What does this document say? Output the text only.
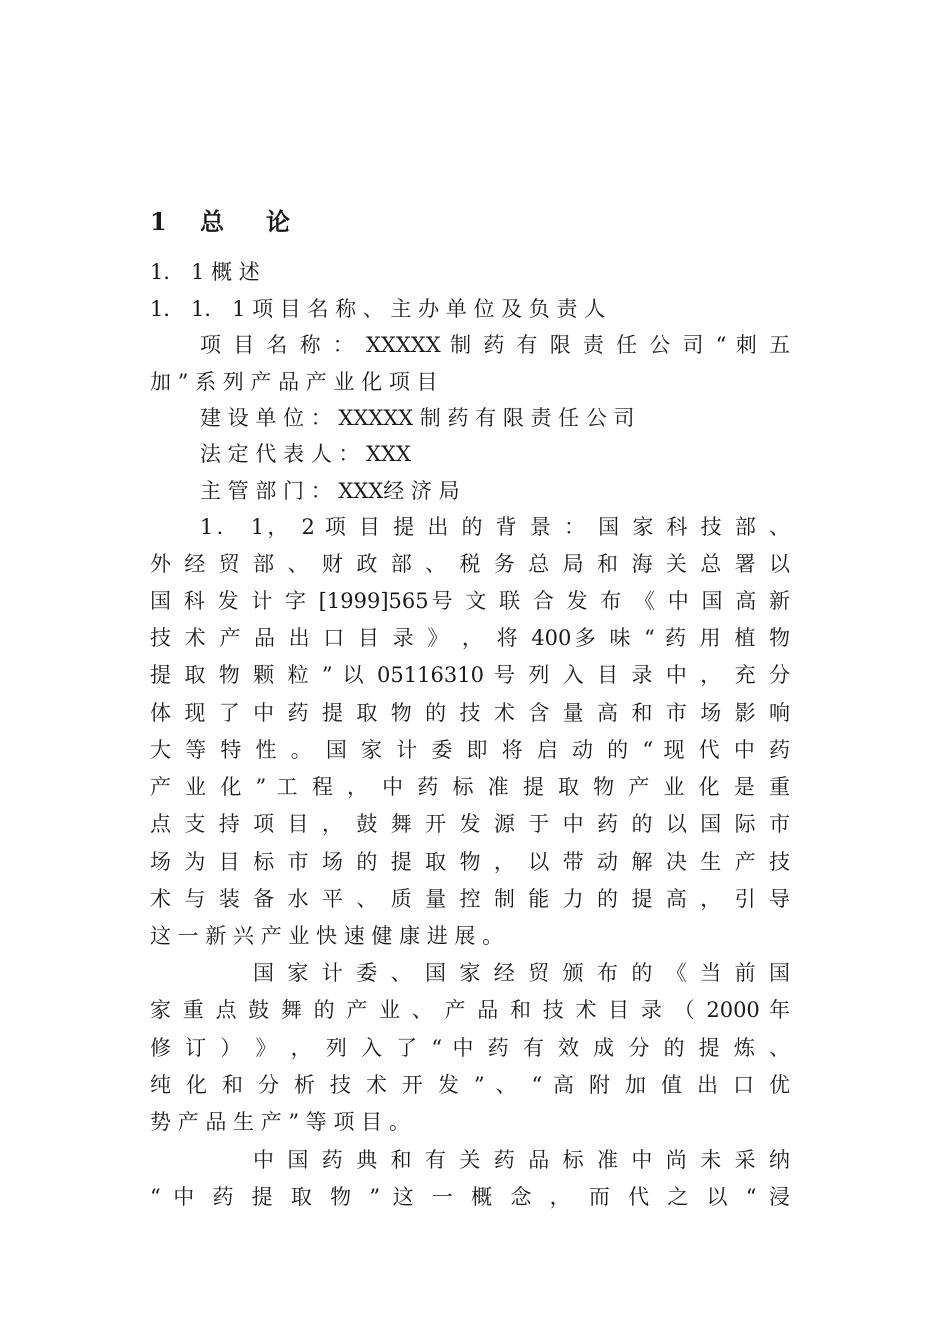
1 总 论
1． 1 概 述
1． 1． 1 项 目 名 称 、 主 办 单 位 及 负 责 人
项 目 名 称 ： XXXXX 制 药 有 限 责 任 公 司 “ 刺 五
加 ” 系 列 产 品 产 业 化 项 目
建 设 单 位 ： XXXXX 制 药 有 限 责 任 公 司
法 定 代 表 人 ： XXX
主 管 部 门 ： XXX经 济 局
1． 1， 2 项 目 提 出 的 背 景 ： 国 家 科 技 部 、
外 经 贸 部 、 财 政 部 、 税 务 总 局 和 海 关 总 署 以
国 科 发 计 字 [1999]565号 文 联 合 发 布 《 中 国 高 新
技 术 产 品 出 口 目 录 》 ， 将 400多 味 “ 药 用 植 物
提 取 物 颗 粒 ” 以 05116310 号 列 入 目 录 中 ， 充 分
体 现 了 中 药 提 取 物 的 技 术 含 量 高 和 市 场 影 响
大 等 特 性 。 国 家 计 委 即 将 启 动 的 “ 现 代 中 药
产 业 化 ” 工 程 ， 中 药 标 准 提 取 物 产 业 化 是 重
点 支 持 项 目 ， 鼓 舞 开 发 源 于 中 药 的 以 国 际 市
场 为 目 标 市 场 的 提 取 物 ， 以 带 动 解 决 生 产 技
术 与 装 备 水 平 、 质 量 控 制 能 力 的 提 高 ， 引 导
这 一 新 兴 产 业 快 速 健 康 进 展 。
国 家 计 委 、 国 家 经 贸 颁 布 的 《 当 前 国
家 重 点 鼓 舞 的 产 业 、 产 品 和 技 术 目 录 （ 2000 年
修 订 ） 》 ， 列 入 了 “ 中 药 有 效 成 分 的 提 炼 、
纯 化 和 分 析 技 术 开 发 ” 、 “ 高 附 加 值 出 口 优
势 产 品 生 产 ” 等 项 目 。
中 国 药 典 和 有 关 药 品 标 准 中 尚 未 采 纳
“ 中 药 提 取 物 ” 这 一 概 念 ， 而 代 之 以 “ 浸
